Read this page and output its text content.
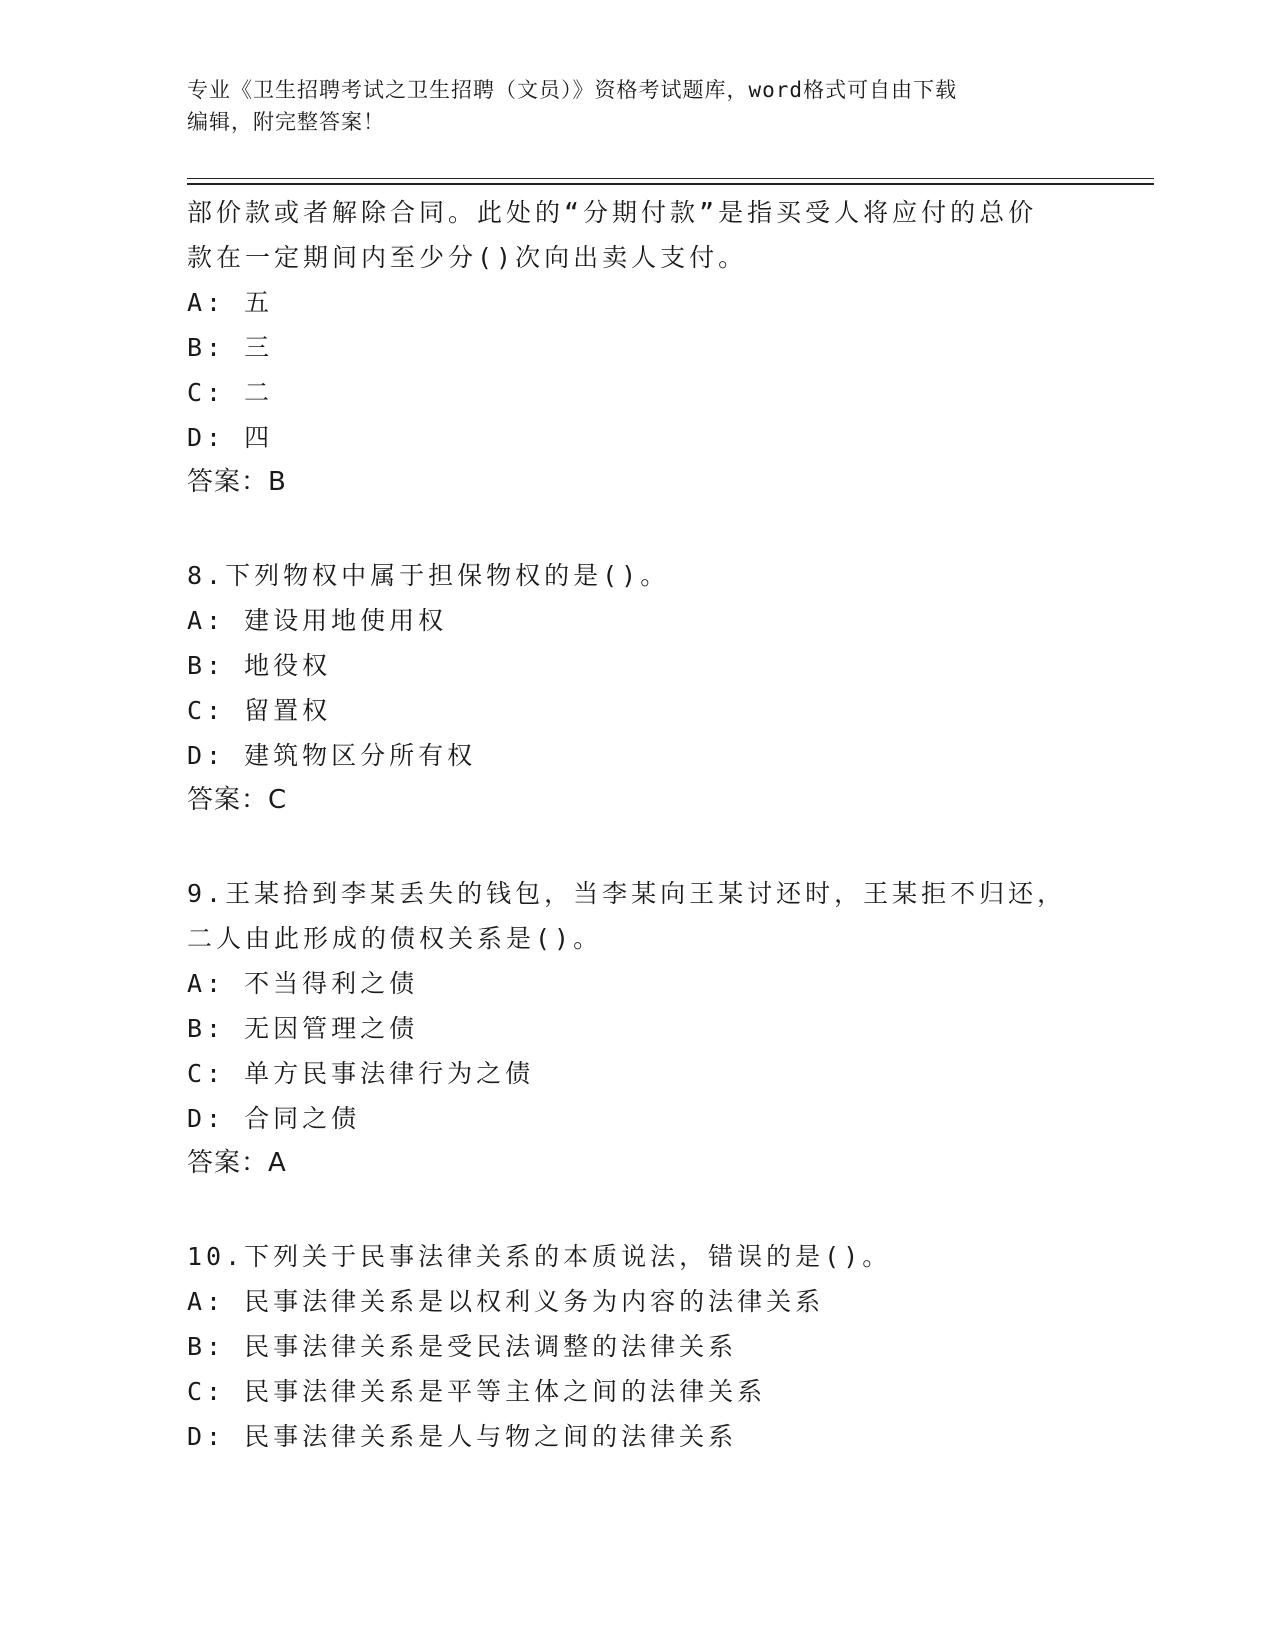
专业《卫生招聘考试之卫生招聘（文员）》资格考试题库，word格式可自由下载
编辑，附完整答案！
部价款或者解除合同。此处的“分期付款”是指买受人将应付的总价
款在一定期间内至少分()次向出卖人支付。
A: 五
B: 三
C: 二
D: 四
答案：B
8.下列物权中属于担保物权的是()。
A: 建设用地使用权
B: 地役权
C: 留置权
D: 建筑物区分所有权
答案：C
9.王某拾到李某丢失的钱包，当李某向王某讨还时，王某拒不归还，
二人由此形成的债权关系是()。
A: 不当得利之债
B: 无因管理之债
C: 单方民事法律行为之债
D: 合同之债
答案：A
10.下列关于民事法律关系的本质说法，错误的是()。
A: 民事法律关系是以权利义务为内容的法律关系
B: 民事法律关系是受民法调整的法律关系
C: 民事法律关系是平等主体之间的法律关系
D: 民事法律关系是人与物之间的法律关系
